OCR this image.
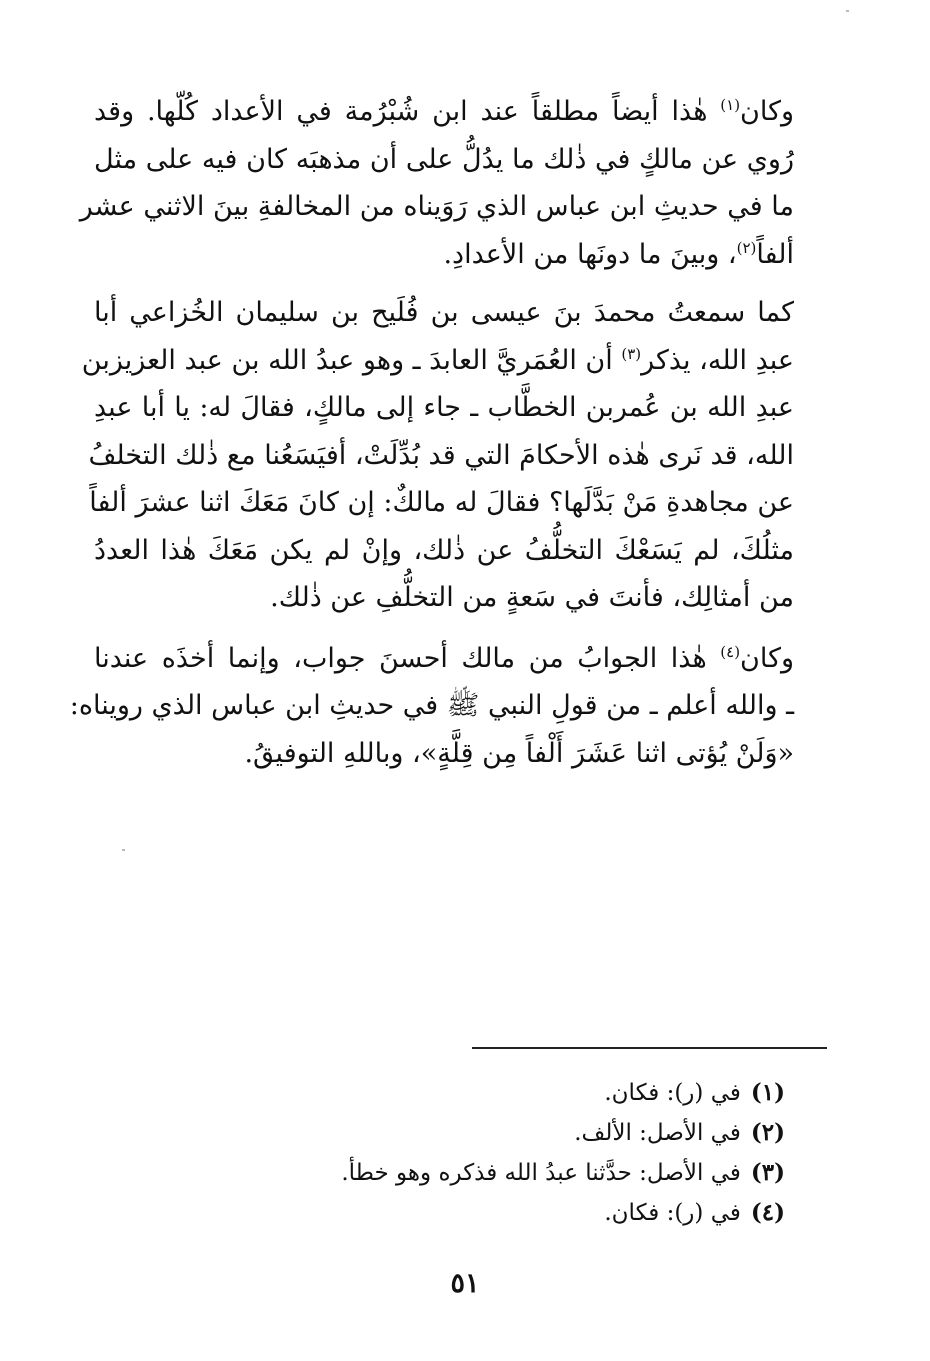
وكان$^{(١)}$ هٰذا أيضاً مطلقاً عند ابن شُبْرُمة في الأعداد كُلّها. وقد
رُوي عن مالكٍ في ذٰلك ما يدُلُّ على أن مذهبَه كان فيه على مثل
ما في حديثِ ابن عباس الذي رَوَيناه من المخالفةِ بينَ الاثني عشر
ألفاً$^{(٢)}$، وبينَ ما دونَها من الأعدادِ.

كما سمعتُ محمدَ بنَ عيسى بن فُلَيح بن سليمان الخُزاعي أبا
عبدِ الله، يذكر$^{(٣)}$ أن العُمَريَّ العابدَ ـ وهو عبدُ الله بن عبد العزيزبن
عبدِ الله بن عُمربن الخطَّاب ـ جاء إلى مالكٍ، فقالَ له: يا أبا عبدِ
الله، قد نَرى هٰذه الأحكامَ التي قد بُدِّلَتْ، أفيَسَعُنا مع ذٰلك التخلفُ
عن مجاهدةِ مَنْ بَدَّلَها؟ فقالَ له مالكٌ: إن كانَ مَعَكَ اثنا عشرَ ألفاً
مثلُكَ، لم يَسَعْكَ التخلُّفُ عن ذٰلك، وإنْ لم يكن مَعَكَ هٰذا العددُ
من أمثالِك، فأنتَ في سَعةٍ من التخلُّفِ عن ذٰلك.

وكان$^{(٤)}$ هٰذا الجوابُ من مالك أحسنَ جواب، وإنما أخذَه عندنا
ـ والله أعلم ـ من قولِ النبي ﷺ في حديثِ ابن عباس الذي رويناه:
«وَلَنْ يُؤتى اثنا عَشَرَ أَلْفاً مِن قِلَّةٍ»، وباللهِ التوفيقُ.

(١)في (ر): فكان.
(٢)في الأصل: الألف.
(٣)في الأصل: حدَّثنا عبدُ الله فذكره وهو خطأ.
(٤)في (ر): فكان.
٥١
